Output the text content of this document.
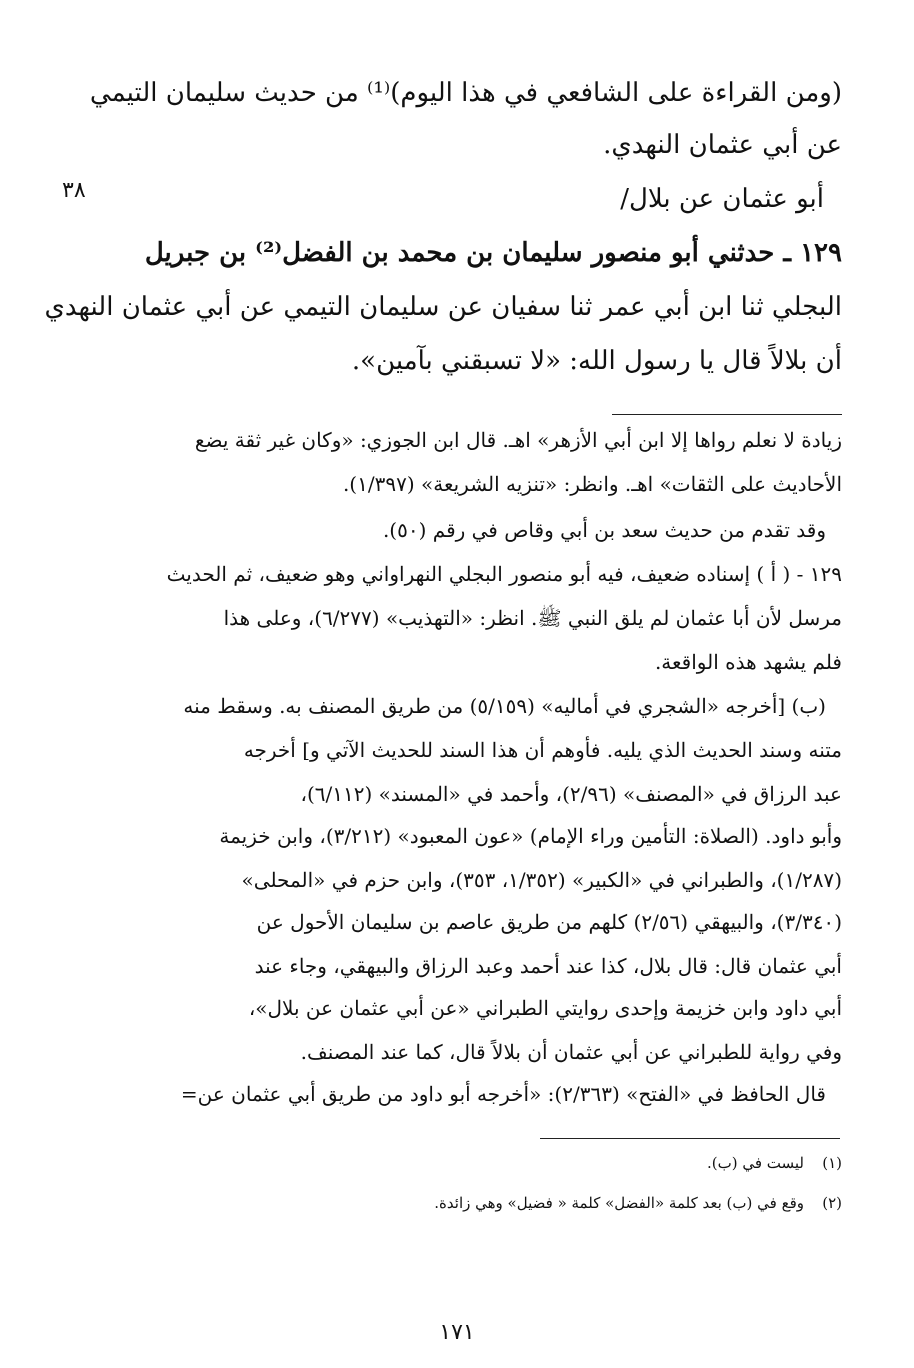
(ومن القراءة على الشافعي في هذا اليوم)⁽¹⁾ من حديث سليمان التيمي
عن أبي عثمان النهدي.
أبو عثمان عن بلال/
٣٨
١٢٩ ـ حدثني أبو منصور سليمان بن محمد بن الفضل⁽²⁾ بن جبريل
البجلي ثنا ابن أبي عمر ثنا سفيان عن سليمان التيمي عن أبي عثمان النهدي
أن بلالاً قال يا رسول الله: «لا تسبقني بآمين».
زيادة لا نعلم رواها إلا ابن أبي الأزهر» اهـ. قال ابن الجوزي: «وكان غير ثقة يضع
الأحاديث على الثقات» اهـ. وانظر: «تنزيه الشريعة» (١/٣٩٧).
وقد تقدم من حديث سعد بن أبي وقاص في رقم (٥٠).
١٢٩ - ( أ ) إسناده ضعيف، فيه أبو منصور البجلي النهراواني وهو ضعيف، ثم الحديث
مرسل لأن أبا عثمان لم يلق النبي ﷺ. انظر: «التهذيب» (٦/٢٧٧)، وعلى هذا
فلم يشهد هذه الواقعة.
(ب) [أخرجه «الشجري في أماليه» (٥/١٥٩) من طريق المصنف به. وسقط منه
متنه وسند الحديث الذي يليه. فأوهم أن هذا السند للحديث الآتي و] أخرجه
عبد الرزاق في «المصنف» (٢/٩٦)، وأحمد في «المسند» (٦/١١٢)،
وأبو داود. (الصلاة: التأمين وراء الإمام) «عون المعبود» (٣/٢١٢)، وابن خزيمة
(١/٢٨٧)، والطبراني في «الكبير» (١/٣٥٢، ٣٥٣)، وابن حزم في «المحلى»
(٣/٣٤٠)، والبيهقي (٢/٥٦) كلهم من طريق عاصم بن سليمان الأحول عن
أبي عثمان قال: قال بلال، كذا عند أحمد وعبد الرزاق والبيهقي، وجاء عند
أبي داود وابن خزيمة وإحدى روايتي الطبراني «عن أبي عثمان عن بلال»،
وفي رواية للطبراني عن أبي عثمان أن بلالاً قال، كما عند المصنف.
قال الحافظ في «الفتح» (٢/٣٦٣): «أخرجه أبو داود من طريق أبي عثمان عن=
(١)
ليست في (ب).
(٢)
وقع في (ب) بعد كلمة «الفضل» كلمة « فضيل» وهي زائدة.
١٧١
